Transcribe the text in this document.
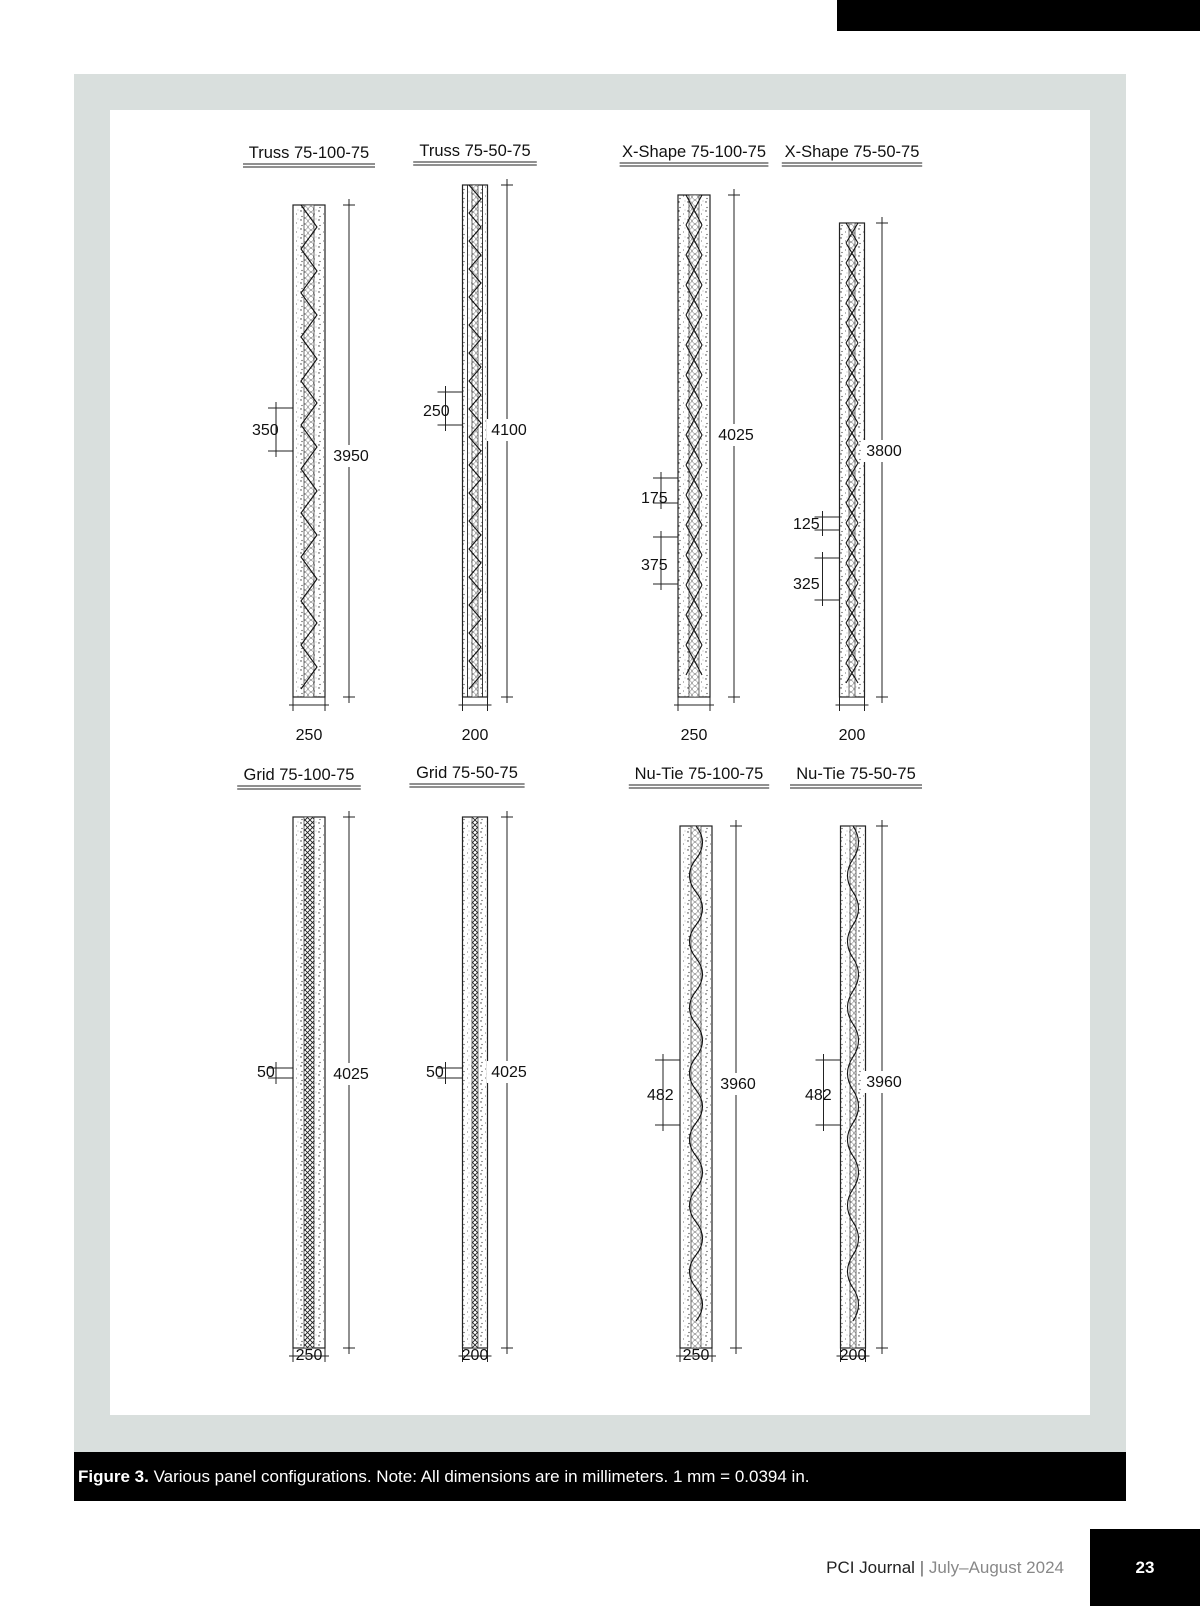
Truss 75-100-75
3950
250
350
Truss 75-50-75
4100
200
250
X-Shape 75-100-75
4025
250
175
375
X-Shape 75-50-75
3800
200
125
325
Grid 75-100-75
4025
250
50
Grid 75-50-75
4025
200
50
Nu-Tie 75-100-75
3960
250
482
Nu-Tie 75-50-75
3960
200
482
Figure 3. Various panel configurations. Note: All dimensions are in millimeters. 1 mm = 0.0394 in.
PCI Journal | July–August 2024	23
